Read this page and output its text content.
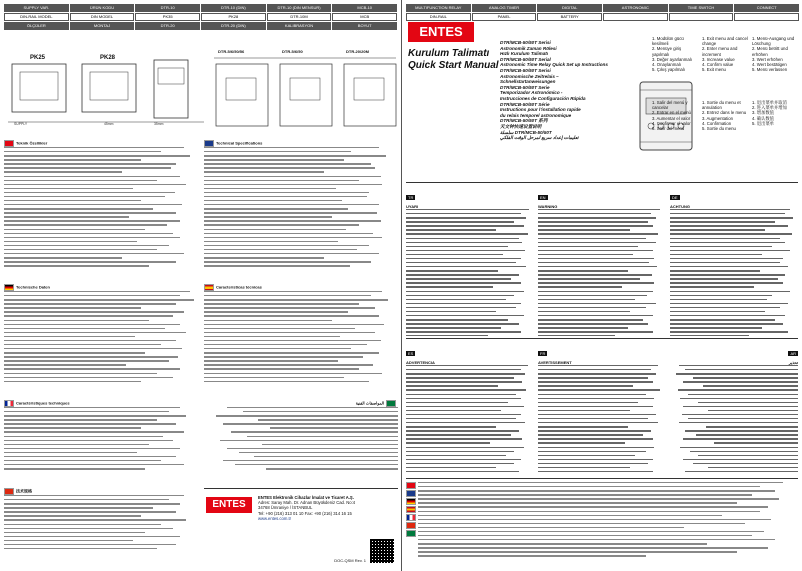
SUPPLY VAR.	ÜRÜN KODU	DTR-10	DTR-10 (DIN)	DTR-10 (DIN MENSUR)	MCB-10
DIN-RAIL MODEL	DIN MODEL	PK35	PK28	DTR-10M	MCB
ÖLÇÜLER	MONTAJ	DTR-20	DTR-20 (DIN)	KALIBRASYON	BOYUT
PK25	PK28
DTR-5/6/50/56	DTR-5/6/50	DTR-20/20M
35mm
45mm
SUPPLY
Teknik Özellikler	Technical Specifications
Technische Daten	Características técnicas
Caractéristiques techniques	المواصفات الفنية
技术规格
ENTES
ENTES Elektronik Cihazlar İmalat ve Ticaret A.Ş.
Adres: Saray Mah. Dr. Adnan Büyükdeniz Cad. No:4
34768 Ümraniye / İSTANBUL
Tel: +90 (216) 313 01 10 Fax: +90 (216) 314 16 15
www.entes.com.tr
DOC-QSM Rev. 1
MULTIFUNCTION RELAY	ANALOG TIMER	DIGITAL	ASTRONOMIC	TIME SWITCH	CONNECT
DIN-RAIL	PANEL	BATTERY
ENTES
Kurulum Talimatı
Quick Start Manual
DTR/MCB-50/50T Serisi
Astronomik Zaman Rölesi
Hızlı Kurulum Talimatı
DTR/MCB-50/50T Serial
Astronomic Time Relay Quick Set up Instructions
DTR/MCB-50/50T Serisi
Astronomische Zeitrelais –
Schnellstartanweisungen
DTR/MCB-50/50T Serie
Temporizador Astronómico -
Instrucciones de Configuración Rápida
DTR/MCB-50/50T Série
Instructions pour l'installation rapide
du relais temporel astronomique
DTR/MCB-50/50T 系列
天文钟快速设置说明
سلسلة DTR/MCB-50/50T
تعليمات إعداد سريع لمرحل الوقت الفلكي
1. Modülün gücü kesilmeli
2. Menüye giriş yapılmalı
3. Değer ayarlanmalı
4. Onaylanmalı
5. Çıkış yapılmalı
1. Exit menu and cancel change
2. Enter menu and increment
3. Increase value
4. Confirm value
5. Exit menu
1. Menü-Ausgang und Löschung
2. Menü betritt und erhöhen
3. Wert erhöhen
4. Wert bestätigen
5. Menü verlassen
1. Salir del menú y cancelar
2. Entrar en el menú
3. Aumentar el valor
4. Confirmar el valor
5. Salir del menú
1. Sortie du menu et annulation
2. Entrez dans le menu
3. Augmentation
4. Confirmation
5. Sortie du menu
1. 退出菜单并取消
2. 进入菜单并增加
3. 增加数值
4. 确认数值
5. 退出菜单
TR
UYARI
EN
WARNING
DE
ACHTUNG
ES
ADVERTENCIA
FR
AVERTISSEMENT
AR
تحذير
